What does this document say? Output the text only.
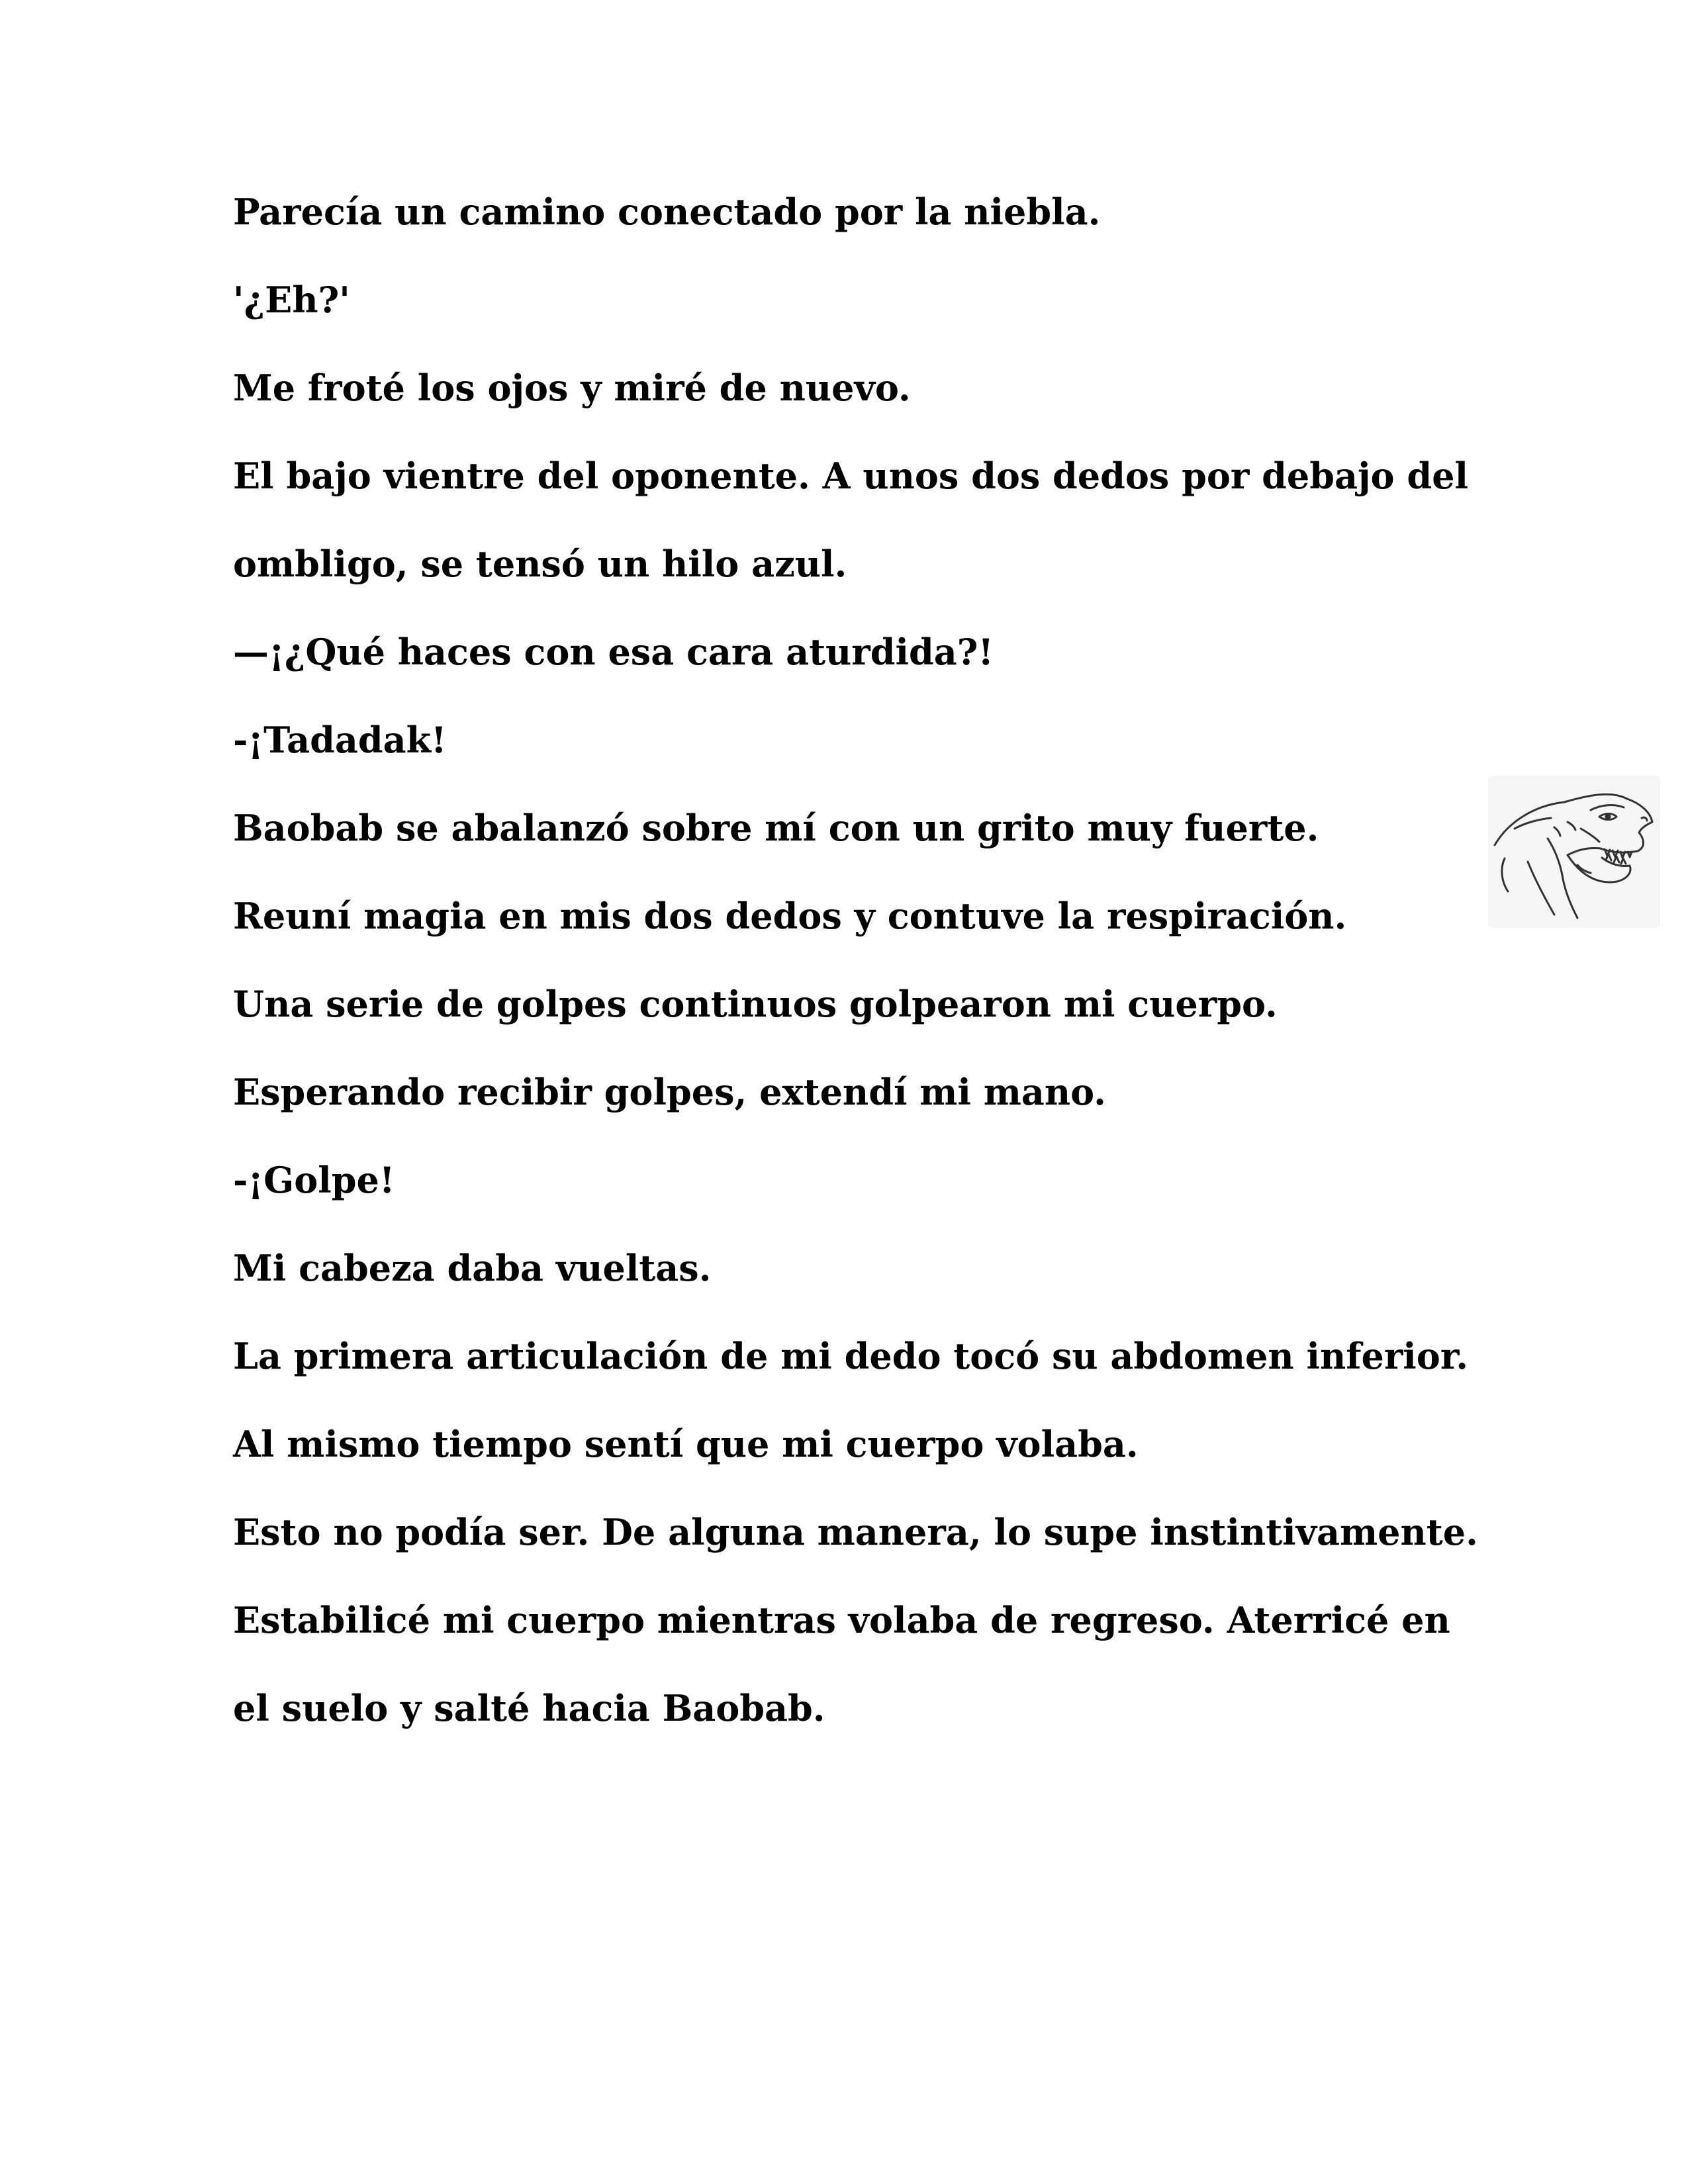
Parecía un camino conectado por la niebla.
'¿Eh?'
Me froté los ojos y miré de nuevo.
El bajo vientre del oponente. A unos dos dedos por debajo del
ombligo, se tensó un hilo azul.
—¡¿Qué haces con esa cara aturdida?!
-¡Tadadak!
Baobab se abalanzó sobre mí con un grito muy fuerte.
Reuní magia en mis dos dedos y contuve la respiración.
Una serie de golpes continuos golpearon mi cuerpo.
Esperando recibir golpes, extendí mi mano.
-¡Golpe!
Mi cabeza daba vueltas.
La primera articulación de mi dedo tocó su abdomen inferior.
Al mismo tiempo sentí que mi cuerpo volaba.
Esto no podía ser. De alguna manera, lo supe instintivamente.
Estabilicé mi cuerpo mientras volaba de regreso. Aterricé en
el suelo y salté hacia Baobab.
